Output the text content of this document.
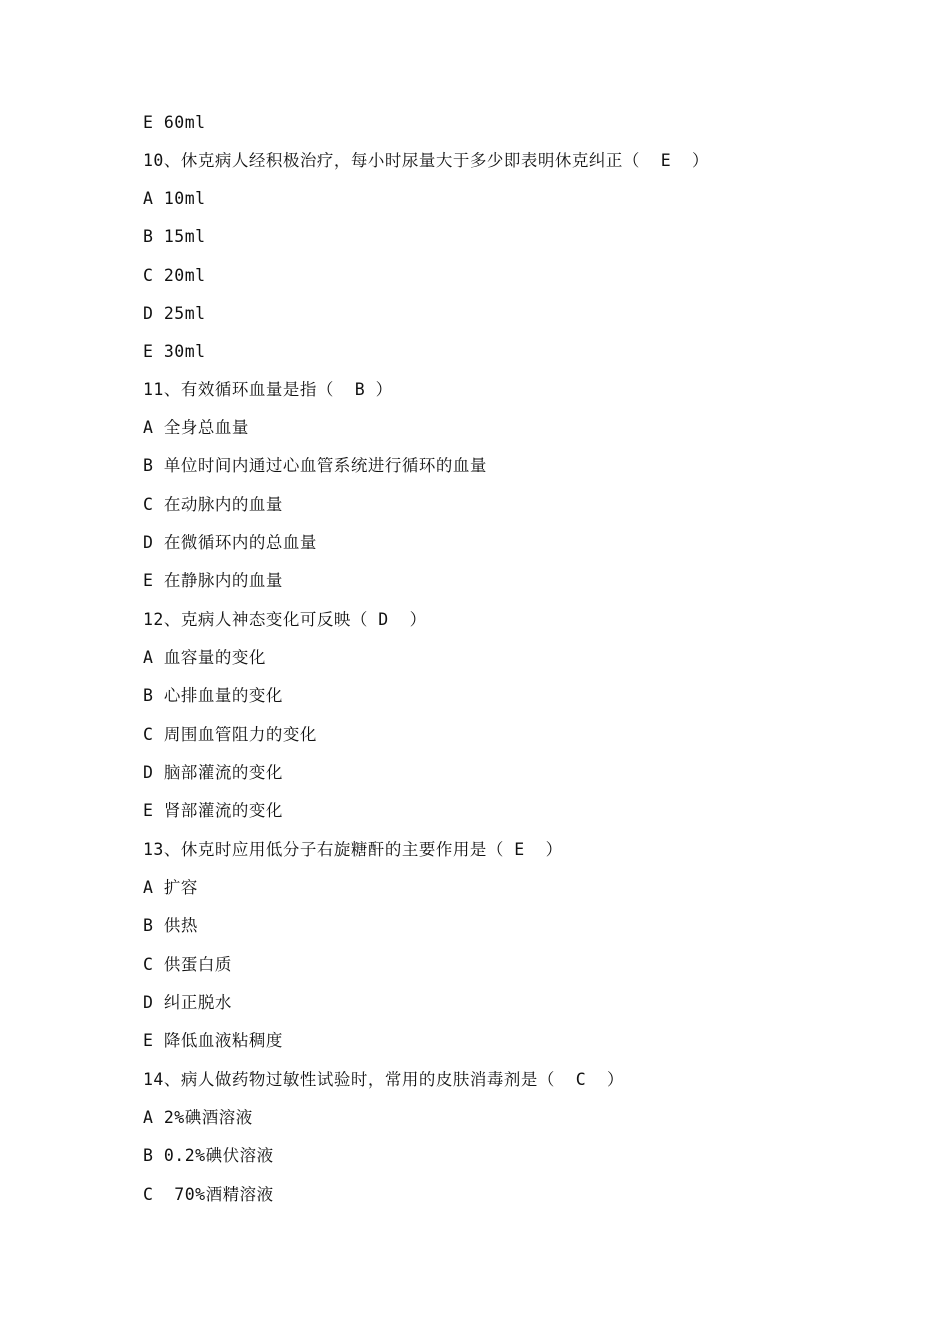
E 60ml
10、休克病人经积极治疗，每小时尿量大于多少即表明休克纠正（  E  ）
A 10ml
B 15ml
C 20ml
D 25ml
E 30ml
11、有效循环血量是指（  B ）
A 全身总血量
B 单位时间内通过心血管系统进行循环的血量
C 在动脉内的血量
D 在微循环内的总血量
E 在静脉内的血量
12、克病人神态变化可反映（ D  ）
A 血容量的变化
B 心排血量的变化
C 周围血管阻力的变化
D 脑部灌流的变化
E 肾部灌流的变化
13、休克时应用低分子右旋糖酐的主要作用是（ E  ）
A 扩容
B 供热
C 供蛋白质
D 纠正脱水
E 降低血液粘稠度
14、病人做药物过敏性试验时，常用的皮肤消毒剂是（  C  ）
A 2%碘酒溶液
B 0.2%碘伏溶液
C  70%酒精溶液
